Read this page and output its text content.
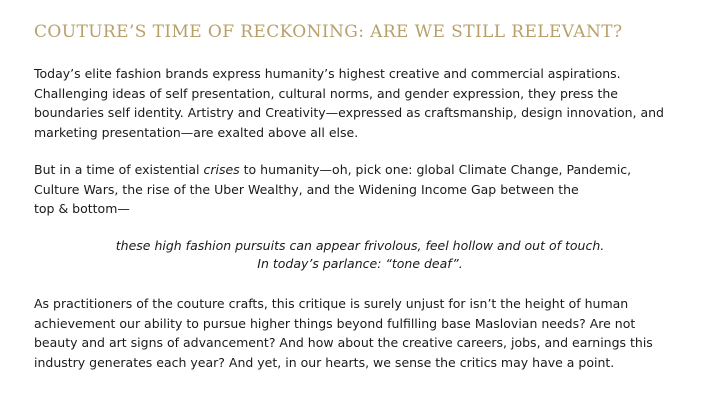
COUTURE’S TIME OF RECKONING: ARE WE STILL RELEVANT?

Today’s elite fashion brands express humanity’s highest creative and commercial aspirations.
Challenging ideas of self presentation, cultural norms, and gender expression, they press the
boundaries self identity. Artistry and Creativity—expressed as craftsmanship, design innovation, and
marketing presentation—are exalted above all else.

But in a time of existential crises to humanity—oh, pick one: global Climate Change, Pandemic,
Culture Wars, the rise of the Uber Wealthy, and the Widening Income Gap between the
top & bottom—

these high fashion pursuits can appear frivolous, feel hollow and out of touch.
In today’s parlance: “tone deaf”.

As practitioners of the couture crafts, this critique is surely unjust for isn’t the height of human
achievement our ability to pursue higher things beyond fulfilling base Maslovian needs? Are not
beauty and art signs of advancement? And how about the creative careers, jobs, and earnings this
industry generates each year? And yet, in our hearts, we sense the critics may have a point.
